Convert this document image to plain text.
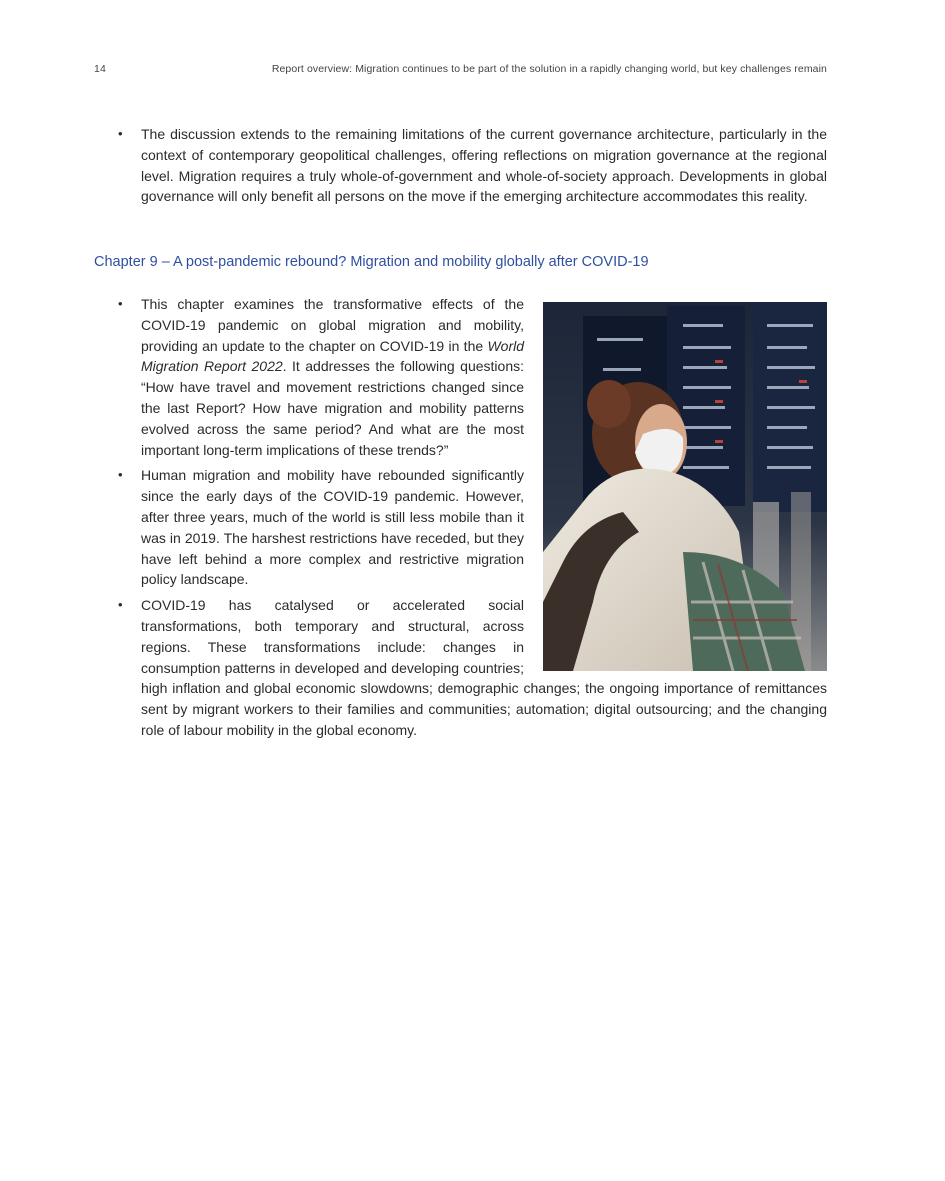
14	Report overview: Migration continues to be part of the solution in a rapidly changing world, but key challenges remain
• The discussion extends to the remaining limitations of the current governance architecture, particularly in the context of contemporary geopolitical challenges, offering reflections on migration governance at the regional level. Migration requires a truly whole-of-government and whole-of-society approach. Developments in global governance will only benefit all persons on the move if the emerging architecture accommodates this reality.
Chapter 9 – A post-pandemic rebound? Migration and mobility globally after COVID-19
• This chapter examines the transformative effects of the COVID-19 pandemic on global migration and mobility, providing an update to the chapter on COVID-19 in the World Migration Report 2022. It addresses the following questions: “How have travel and movement restrictions changed since the last Report? How have migration and mobility patterns evolved across the same period? And what are the most important long-term implications of these trends?”
• Human migration and mobility have rebounded significantly since the early days of the COVID-19 pandemic. However, after three years, much of the world is still less mobile than it was in 2019. The harshest restrictions have receded, but they have left behind a more complex and restrictive migration policy landscape.
• COVID-19 has catalysed or accelerated social transformations, both temporary and structural, across regions. These transformations include: changes in consumption patterns in developed and developing countries; high inflation and global economic slowdowns; demographic changes; the ongoing importance of remittances sent by migrant workers to their families and communities; automation; digital outsourcing; and the changing role of labour mobility in the global economy.
